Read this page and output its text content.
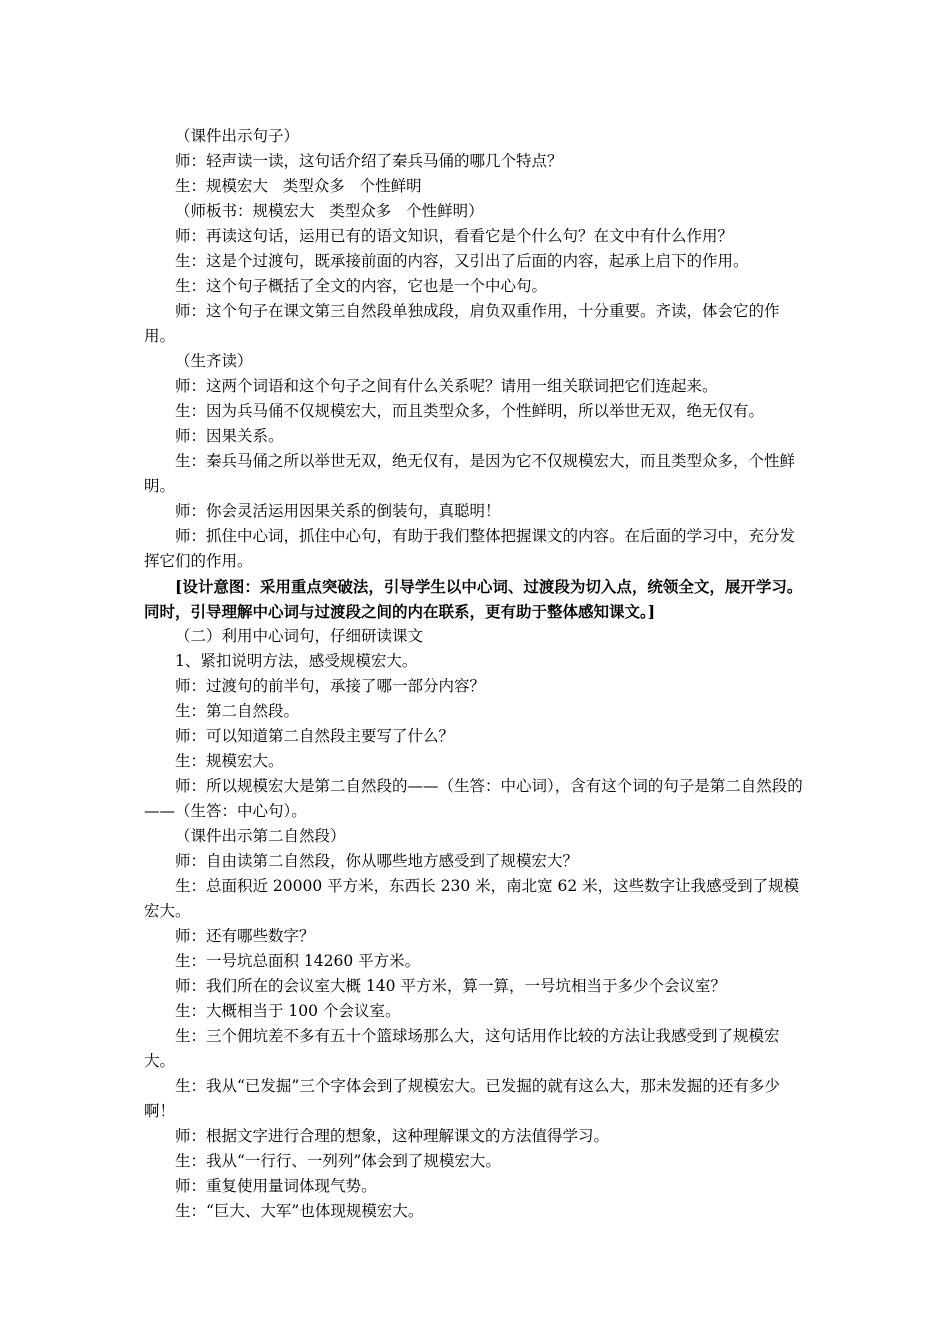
（课件出示句子）

师：轻声读一读，这句话介绍了秦兵马俑的哪几个特点？

生：规模宏大   类型众多   个性鲜明

（师板书：规模宏大   类型众多   个性鲜明）

师：再读这句话，运用已有的语文知识，看看它是个什么句？在文中有什么作用？

生：这是个过渡句，既承接前面的内容，又引出了后面的内容，起承上启下的作用。

生：这个句子概括了全文的内容，它也是一个中心句。

师：这个句子在课文第三自然段单独成段，肩负双重作用，十分重要。齐读，体会它的作用。

（生齐读）

师：这两个词语和这个句子之间有什么关系呢？请用一组关联词把它们连起来。

生：因为兵马俑不仅规模宏大，而且类型众多，个性鲜明，所以举世无双，绝无仅有。

师：因果关系。

生：秦兵马俑之所以举世无双，绝无仅有，是因为它不仅规模宏大，而且类型众多，个性鲜明。

师：你会灵活运用因果关系的倒装句，真聪明！

师：抓住中心词，抓住中心句，有助于我们整体把握课文的内容。在后面的学习中，充分发挥它们的作用。

[设计意图：采用重点突破法，引导学生以中心词、过渡段为切入点，统领全文，展开学习。同时，引导理解中心词与过渡段之间的内在联系，更有助于整体感知课文。]

（二）利用中心词句，仔细研读课文

1、紧扣说明方法，感受规模宏大。

师：过渡句的前半句，承接了哪一部分内容？

生：第二自然段。

师：可以知道第二自然段主要写了什么？

生：规模宏大。

师：所以规模宏大是第二自然段的——（生答：中心词），含有这个词的句子是第二自然段的——（生答：中心句）。

（课件出示第二自然段）

师：自由读第二自然段，你从哪些地方感受到了规模宏大？

生：总面积近 20000 平方米，东西长 230 米，南北宽 62 米，这些数字让我感受到了规模宏大。

师：还有哪些数字？

生：一号坑总面积 14260 平方米。

师：我们所在的会议室大概 140 平方米，算一算，一号坑相当于多少个会议室？

生：大概相当于 100 个会议室。

生：三个佣坑差不多有五十个篮球场那么大，这句话用作比较的方法让我感受到了规模宏大。

生：我从“已发掘”三个字体会到了规模宏大。已发掘的就有这么大，那未发掘的还有多少啊！

师：根据文字进行合理的想象，这种理解课文的方法值得学习。

生：我从“一行行、一列列”体会到了规模宏大。

师：重复使用量词体现气势。

生：“巨大、大军”也体现规模宏大。
